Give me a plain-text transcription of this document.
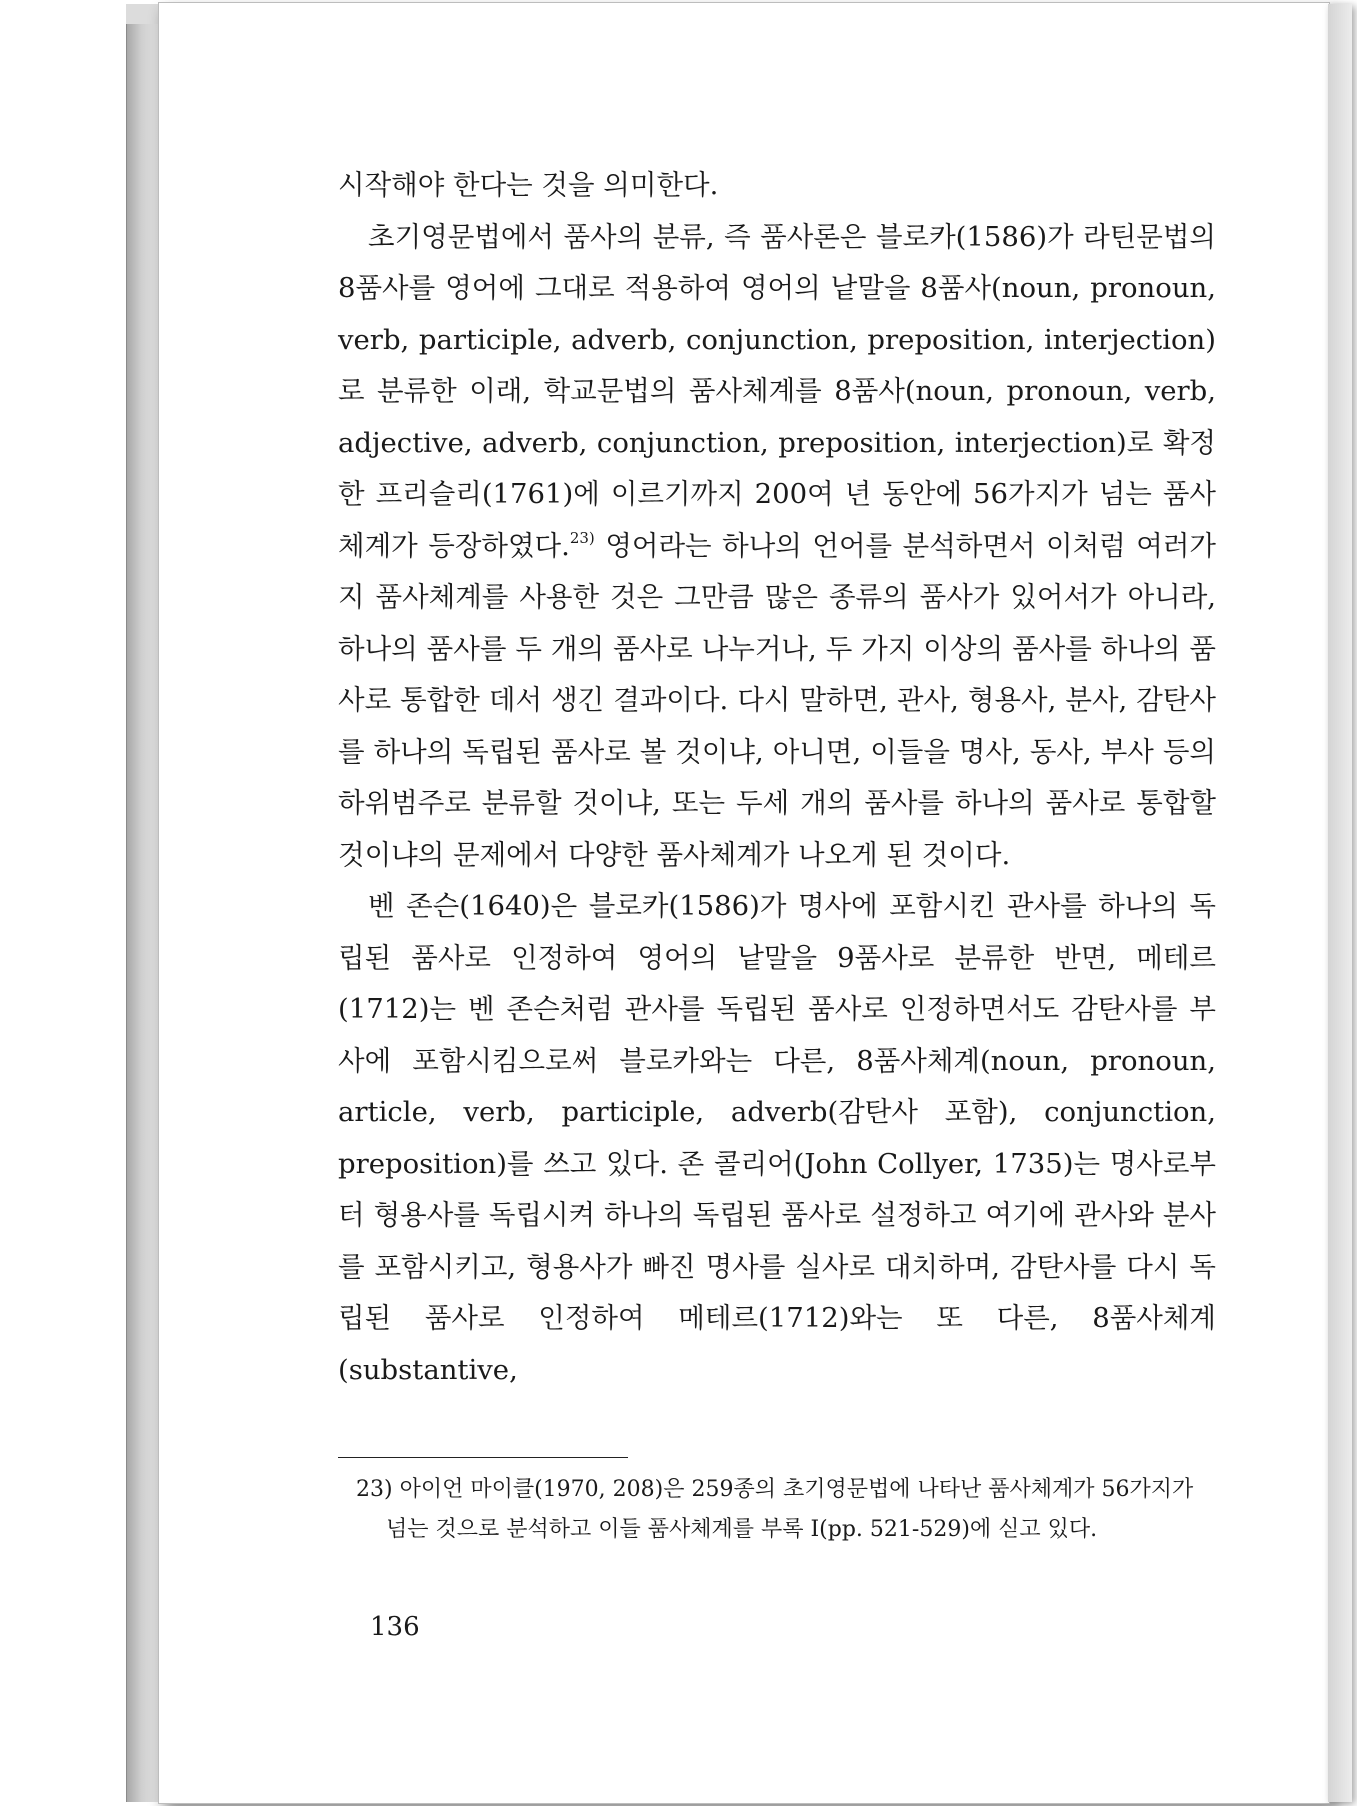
시작해야 한다는 것을 의미한다.

초기영문법에서 품사의 분류, 즉 품사론은 블로카(1586)가 라틴문법의 8품사를 영어에 그대로 적용하여 영어의 낱말을 8품사(noun, pronoun, verb, participle, adverb, conjunction, preposition, interjection)로 분류한 이래, 학교문법의 품사체계를 8품사(noun, pronoun, verb, adjective, adverb, conjunction, preposition, interjection)로 확정한 프리슬리(1761)에 이르기까지 200여 년 동안에 56가지가 넘는 품사체계가 등장하였다.$^{23)}$ 영어라는 하나의 언어를 분석하면서 이처럼 여러가지 품사체계를 사용한 것은 그만큼 많은 종류의 품사가 있어서가 아니라, 하나의 품사를 두 개의 품사로 나누거나, 두 가지 이상의 품사를 하나의 품사로 통합한 데서 생긴 결과이다. 다시 말하면, 관사, 형용사, 분사, 감탄사를 하나의 독립된 품사로 볼 것이냐, 아니면, 이들을 명사, 동사, 부사 등의 하위범주로 분류할 것이냐, 또는 두세 개의 품사를 하나의 품사로 통합할 것이냐의 문제에서 다양한 품사체계가 나오게 된 것이다.

벤 존슨(1640)은 블로카(1586)가 명사에 포함시킨 관사를 하나의 독립된 품사로 인정하여 영어의 낱말을 9품사로 분류한 반면, 메테르(1712)는 벤 존슨처럼 관사를 독립된 품사로 인정하면서도 감탄사를 부사에 포함시킴으로써 블로카와는 다른, 8품사체계(noun, pronoun, article, verb, participle, adverb(감탄사 포함), conjunction, preposition)를 쓰고 있다. 존 콜리어(John Collyer, 1735)는 명사로부터 형용사를 독립시켜 하나의 독립된 품사로 설정하고 여기에 관사와 분사를 포함시키고, 형용사가 빠진 명사를 실사로 대치하며, 감탄사를 다시 독립된 품사로 인정하여 메테르(1712)와는 또 다른, 8품사체계(substantive,

23) 아이언 마이클(1970, 208)은 259종의 초기영문법에 나타난 품사체계가 56가지가
넘는 것으로 분석하고 이들 품사체계를 부록 I(pp. 521-529)에 싣고 있다.
136
